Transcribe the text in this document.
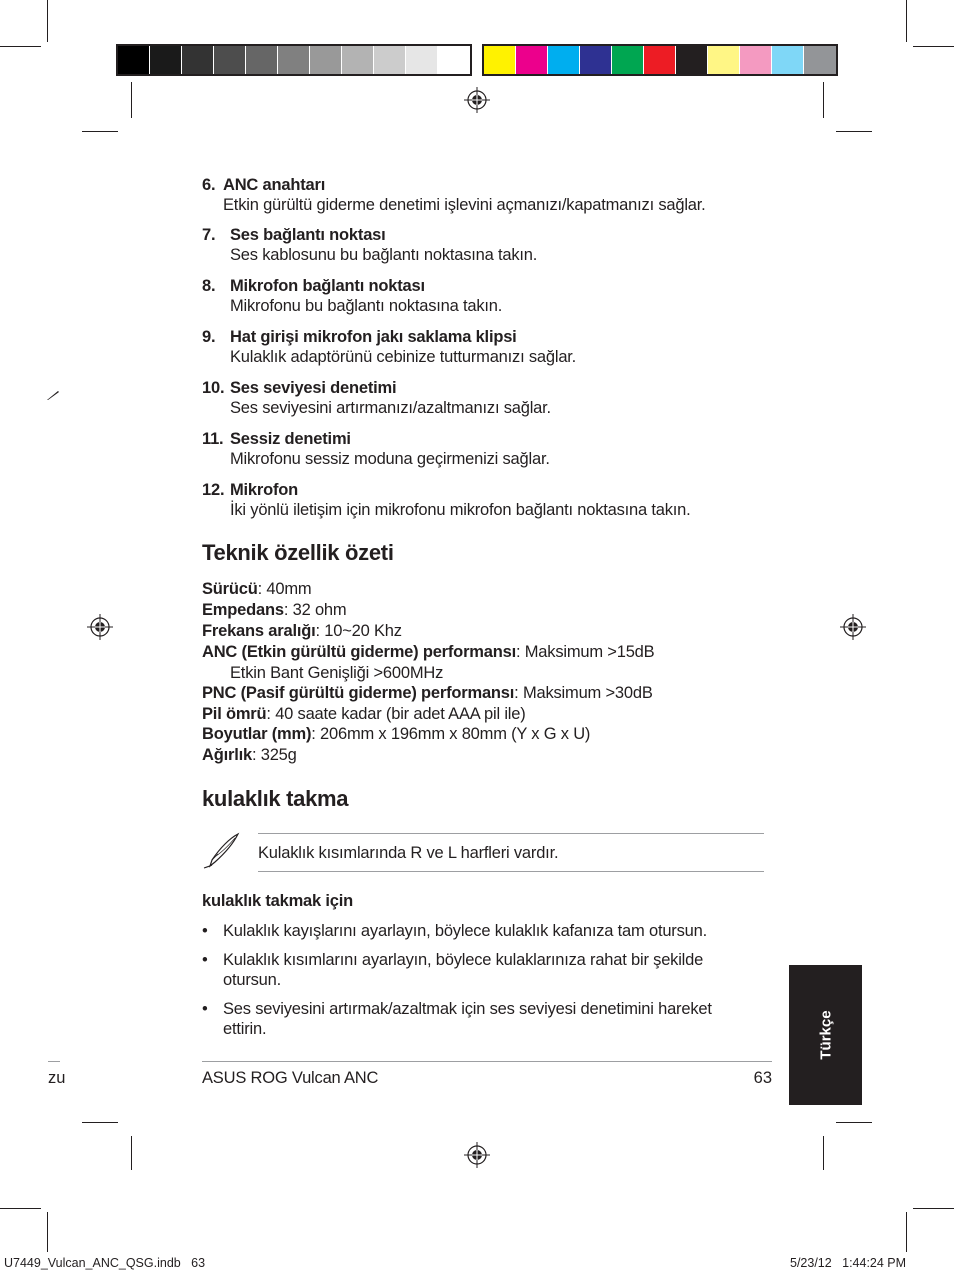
6. ANC anahtarı
Etkin gürültü giderme denetimi işlevini açmanızı/kapatmanızı sağlar.
7. Ses bağlantı noktası
Ses kablosunu bu bağlantı noktasına takın.
8. Mikrofon bağlantı noktası
Mikrofonu bu bağlantı noktasına takın.
9. Hat girişi mikrofon jakı saklama klipsi
Kulaklık adaptörünü cebinize tutturmanızı sağlar.
10. Ses seviyesi denetimi
Ses seviyesini artırmanızı/azaltmanızı sağlar.
11. Sessiz denetimi
Mikrofonu sessiz moduna geçirmenizi sağlar.
12. Mikrofon
İki yönlü iletişim için mikrofonu mikrofon bağlantı noktasına takın.
Teknik özellik özeti
Sürücü: 40mm
Empedans: 32 ohm
Frekans aralığı: 10~20 Khz
ANC (Etkin gürültü giderme) performansı: Maksimum >15dB
Etkin Bant Genişliği >600MHz
PNC (Pasif gürültü giderme) performansı: Maksimum >30dB
Pil ömrü: 40 saate kadar (bir adet AAA pil ile)
Boyutlar (mm): 206mm x 196mm x 80mm (Y x G x U)
Ağırlık: 325g
kulaklık takma
Kulaklık kısımlarında R ve L harfleri vardır.
kulaklık takmak için
• Kulaklık kayışlarını ayarlayın, böylece kulaklık kafanıza tam otursun.
• Kulaklık kısımlarını ayarlayın, böylece kulaklarınıza rahat bir şekilde otursun.
• Ses seviyesini artırmak/azaltmak için ses seviyesi denetimini hareket ettirin.
zu	ASUS ROG Vulcan ANC	63
Türkçe
U7449_Vulcan_ANC_QSG.indb   63	5/23/12   1:44:24 PM
